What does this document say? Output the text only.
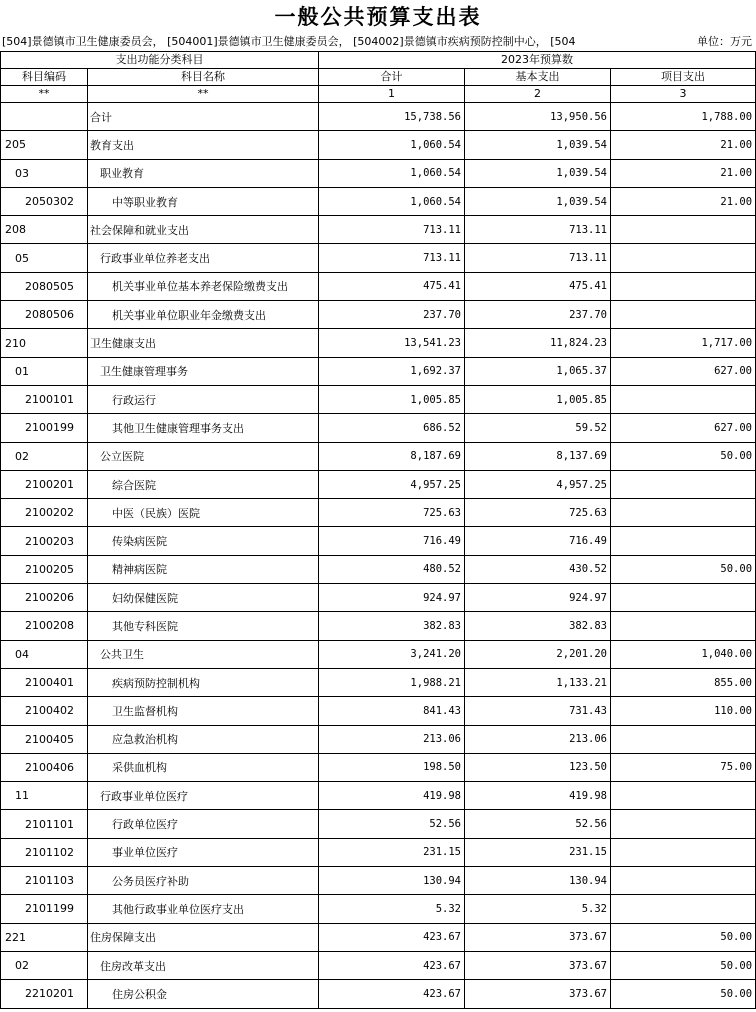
一般公共预算支出表
[504]景德镇市卫生健康委员会， [504001]景德镇市卫生健康委员会， [504002]景德镇市疾病预防控制中心， [504	单位：万元
支出功能分类科目		2023年预算数		
科目编码	科目名称	合计	基本支出	项目支出
**	**	1	2	3
	合计	15,738.56	13,950.56	1,788.00
205	教育支出	1,060.54	1,039.54	21.00
03	职业教育	1,060.54	1,039.54	21.00
2050302	中等职业教育	1,060.54	1,039.54	21.00
208	社会保障和就业支出	713.11	713.11	
05	行政事业单位养老支出	713.11	713.11	
2080505	机关事业单位基本养老保险缴费支出	475.41	475.41	
2080506	机关事业单位职业年金缴费支出	237.70	237.70	
210	卫生健康支出	13,541.23	11,824.23	1,717.00
01	卫生健康管理事务	1,692.37	1,065.37	627.00
2100101	行政运行	1,005.85	1,005.85	
2100199	其他卫生健康管理事务支出	686.52	59.52	627.00
02	公立医院	8,187.69	8,137.69	50.00
2100201	综合医院	4,957.25	4,957.25	
2100202	中医（民族）医院	725.63	725.63	
2100203	传染病医院	716.49	716.49	
2100205	精神病医院	480.52	430.52	50.00
2100206	妇幼保健医院	924.97	924.97	
2100208	其他专科医院	382.83	382.83	
04	公共卫生	3,241.20	2,201.20	1,040.00
2100401	疾病预防控制机构	1,988.21	1,133.21	855.00
2100402	卫生监督机构	841.43	731.43	110.00
2100405	应急救治机构	213.06	213.06	
2100406	采供血机构	198.50	123.50	75.00
11	行政事业单位医疗	419.98	419.98	
2101101	行政单位医疗	52.56	52.56	
2101102	事业单位医疗	231.15	231.15	
2101103	公务员医疗补助	130.94	130.94	
2101199	其他行政事业单位医疗支出	5.32	5.32	
221	住房保障支出	423.67	373.67	50.00
02	住房改革支出	423.67	373.67	50.00
2210201	住房公积金	423.67	373.67	50.00
